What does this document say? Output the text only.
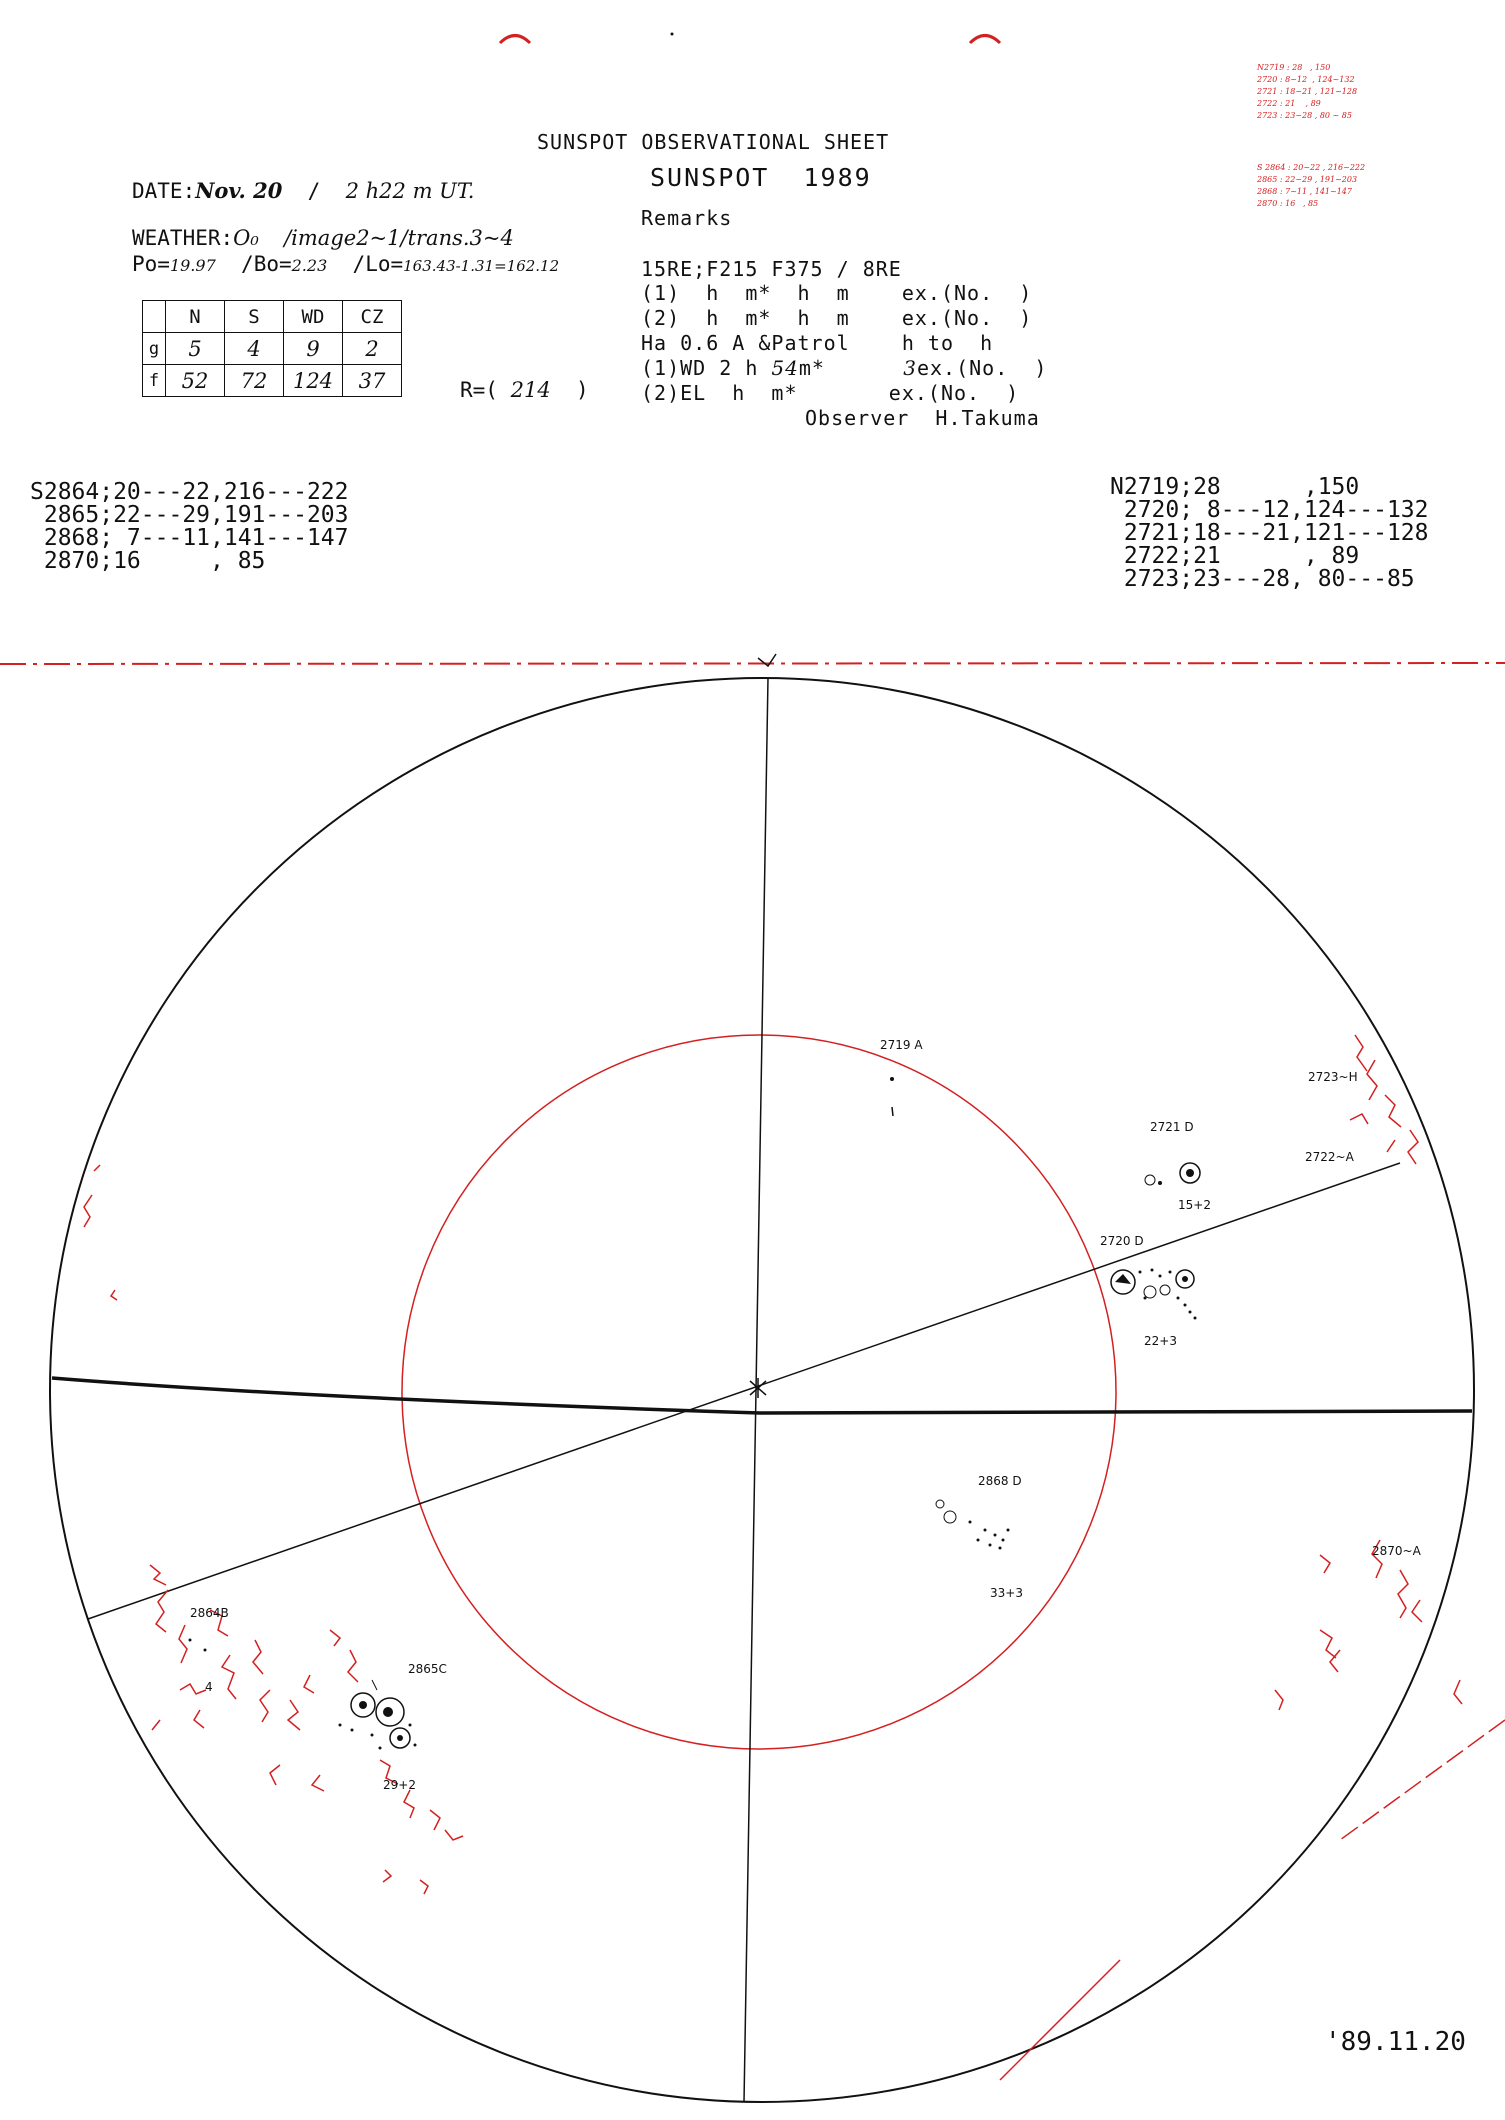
SUNSPOT OBSERVATIONAL SHEET
SUNSPOT 1989
Remarks
DATE:Nov. 20 / 2 h22 m UT.
WEATHER:O₀ /image2~1/trans.3~4
Po=19.97 /Bo=2.23 /Lo=163.43-1.31=162.12
	N	S	WD	CZ
g	5	4	9	2
f	52	72	124	37	R=( 214 )
15RE;F215 F375 / 8RE
(1)  h  m*  h  m    ex.(No.  )
(2)  h  m*  h  m    ex.(No.  )
Ha 0.6 A &Patrol    h to  h
(1)WD 2 h 54m*	3ex.(No.  )
(2)EL  h  m*       ex.(No.  )
Observer  H.Takuma

N2719 : 28   , 150
2720 : 8~12  , 124~132
2721 : 18~21 , 121~128
2722 : 21    , 89
2723 : 23~28 , 80 ~ 85

S 2864 : 20~22 , 216~222
2865 : 22~29 , 191~203
2868 : 7~11 , 141~147
2870 : 16   , 85

S2864;20---22,216---222
2865;22---29,191---203
2868; 7---11,141---147
2870;16     , 85

N2719;28      ,150
2720; 8---12,124---132
2721;18---21,121---128
2722;21      , 89
2723;23---28, 80---85
2719 A
2723~H
2721 D
2722~A
15+2
2720 D
22+3
2868 D
33+3
2870~A
2864B
2865C
4
29+2
'89.11.20
